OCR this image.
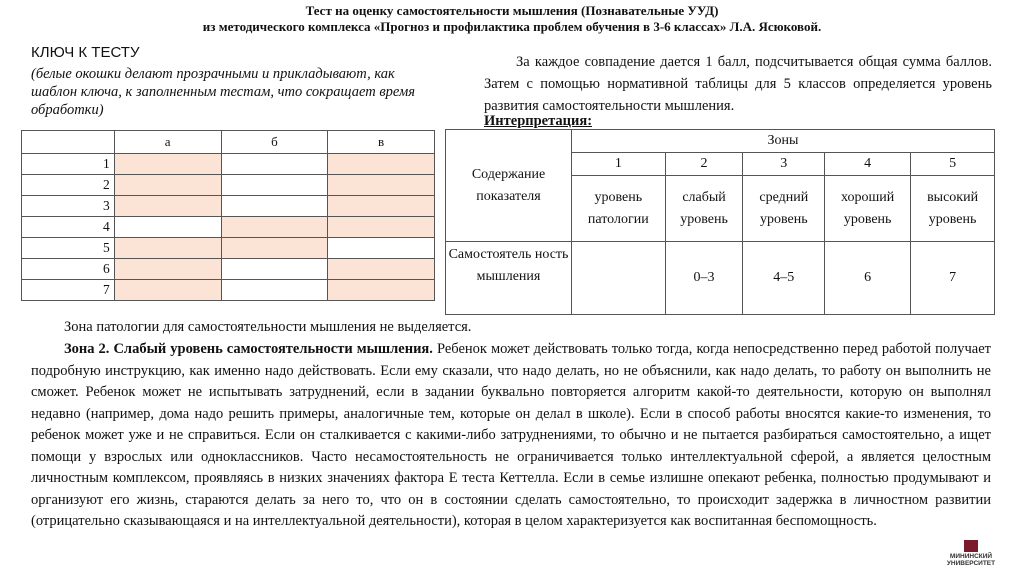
Тест на оценку самостоятельности мышления (Познавательные УУД)
из методического комплекса «Прогноз и профилактика проблем обучения в 3-6 классах» Л.А. Ясюковой.
КЛЮЧ К ТЕСТУ
(белые окошки делают прозрачными и прикладывают, как шаблон ключа, к заполненным тестам, что сокращает время обработки)
	а	б	в
1			
2			
3			
4			
5			
6			
7			
За каждое совпадение дается 1 балл, подсчитывается общая сумма баллов. Затем с помощью нормативной таблицы для 5 классов определяется уровень развития самостоятельности мышления.
Интерпретация:
Содержание показателя	Зоны				
	1	2	3	4	5
	уровень патологии	слабый уровень	средний уровень	хороший уровень	высокий уровень
Самостоятель ность мышления		0–3	4–5	6	7
Зона патологии для самостоятельности мышления не выделяется.
Зона 2. Слабый уровень самостоятельности мышления. Ребенок может действовать только тогда, когда непосредственно перед работой получает подробную инструкцию, как именно надо действовать. Если ему сказали, что надо делать, но не объяснили, как надо делать, то работу он выполнить не сможет. Ребенок может не испытывать затруднений, если в задании буквально повторяется алгоритм какой-то деятельности, которую он выполнял недавно (например, дома надо решить примеры, аналогичные тем, которые он делал в школе). Если в способ работы вносятся какие-то изменения, то ребенок может уже и не справиться. Если он сталкивается с какими-либо затруднениями, то обычно и не пытается разбираться самостоятельно, а ищет помощи у взрослых или одноклассников. Часто несамостоятельность не ограничивается только интеллектуальной сферой, а является целостным личностным комплексом, проявляясь в низких значениях фактора Е теста Кеттелла. Если в семье излишне опекают ребенка, полностью продумывают и организуют его жизнь, стараются делать за него то, что он в состоянии сделать самостоятельно, то происходит задержка в личностном развитии (отрицательно сказывающаяся и на интеллектуальной деятельности), которая в целом характеризуется как воспитанная беспомощность.
МИНИНСКИЙ
УНИВЕРСИТЕТ
